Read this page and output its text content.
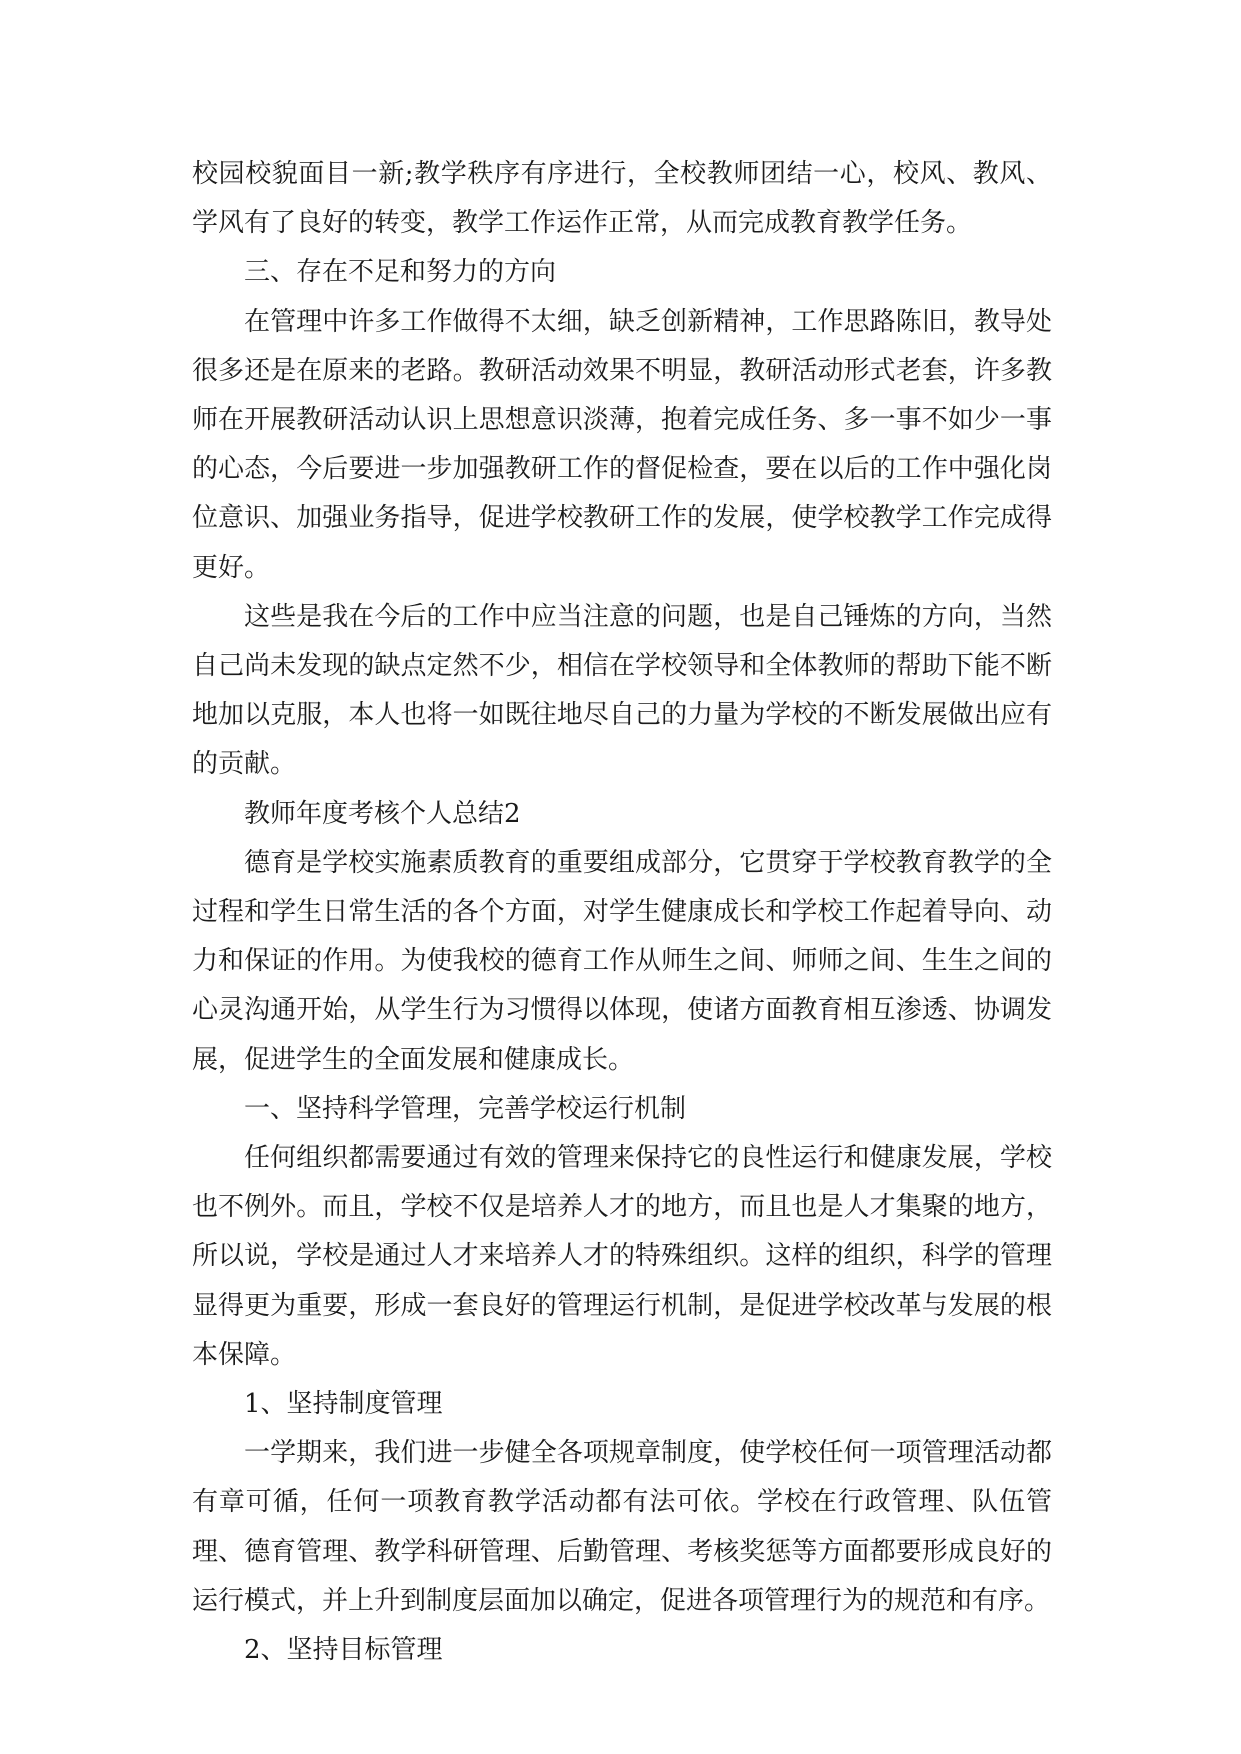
校园校貌面目一新;教学秩序有序进行，全校教师团结一心，校风、教风、学风有了良好的转变，教学工作运作正常，从而完成教育教学任务。

三、存在不足和努力的方向

在管理中许多工作做得不太细，缺乏创新精神，工作思路陈旧，教导处很多还是在原来的老路。教研活动效果不明显，教研活动形式老套，许多教师在开展教研活动认识上思想意识淡薄，抱着完成任务、多一事不如少一事的心态，今后要进一步加强教研工作的督促检查，要在以后的工作中强化岗位意识、加强业务指导，促进学校教研工作的发展，使学校教学工作完成得更好。

这些是我在今后的工作中应当注意的问题，也是自己锤炼的方向，当然自己尚未发现的缺点定然不少，相信在学校领导和全体教师的帮助下能不断地加以克服，本人也将一如既往地尽自己的力量为学校的不断发展做出应有的贡献。

教师年度考核个人总结2

德育是学校实施素质教育的重要组成部分，它贯穿于学校教育教学的全过程和学生日常生活的各个方面，对学生健康成长和学校工作起着导向、动力和保证的作用。为使我校的德育工作从师生之间、师师之间、生生之间的心灵沟通开始，从学生行为习惯得以体现，使诸方面教育相互渗透、协调发展，促进学生的全面发展和健康成长。

一、坚持科学管理，完善学校运行机制

任何组织都需要通过有效的管理来保持它的良性运行和健康发展，学校也不例外。而且，学校不仅是培养人才的地方，而且也是人才集聚的地方，所以说，学校是通过人才来培养人才的特殊组织。这样的组织，科学的管理显得更为重要，形成一套良好的管理运行机制，是促进学校改革与发展的根本保障。

1、坚持制度管理

一学期来，我们进一步健全各项规章制度，使学校任何一项管理活动都有章可循，任何一项教育教学活动都有法可依。学校在行政管理、队伍管理、德育管理、教学科研管理、后勤管理、考核奖惩等方面都要形成良好的运行模式，并上升到制度层面加以确定，促进各项管理行为的规范和有序。

2、坚持目标管理
